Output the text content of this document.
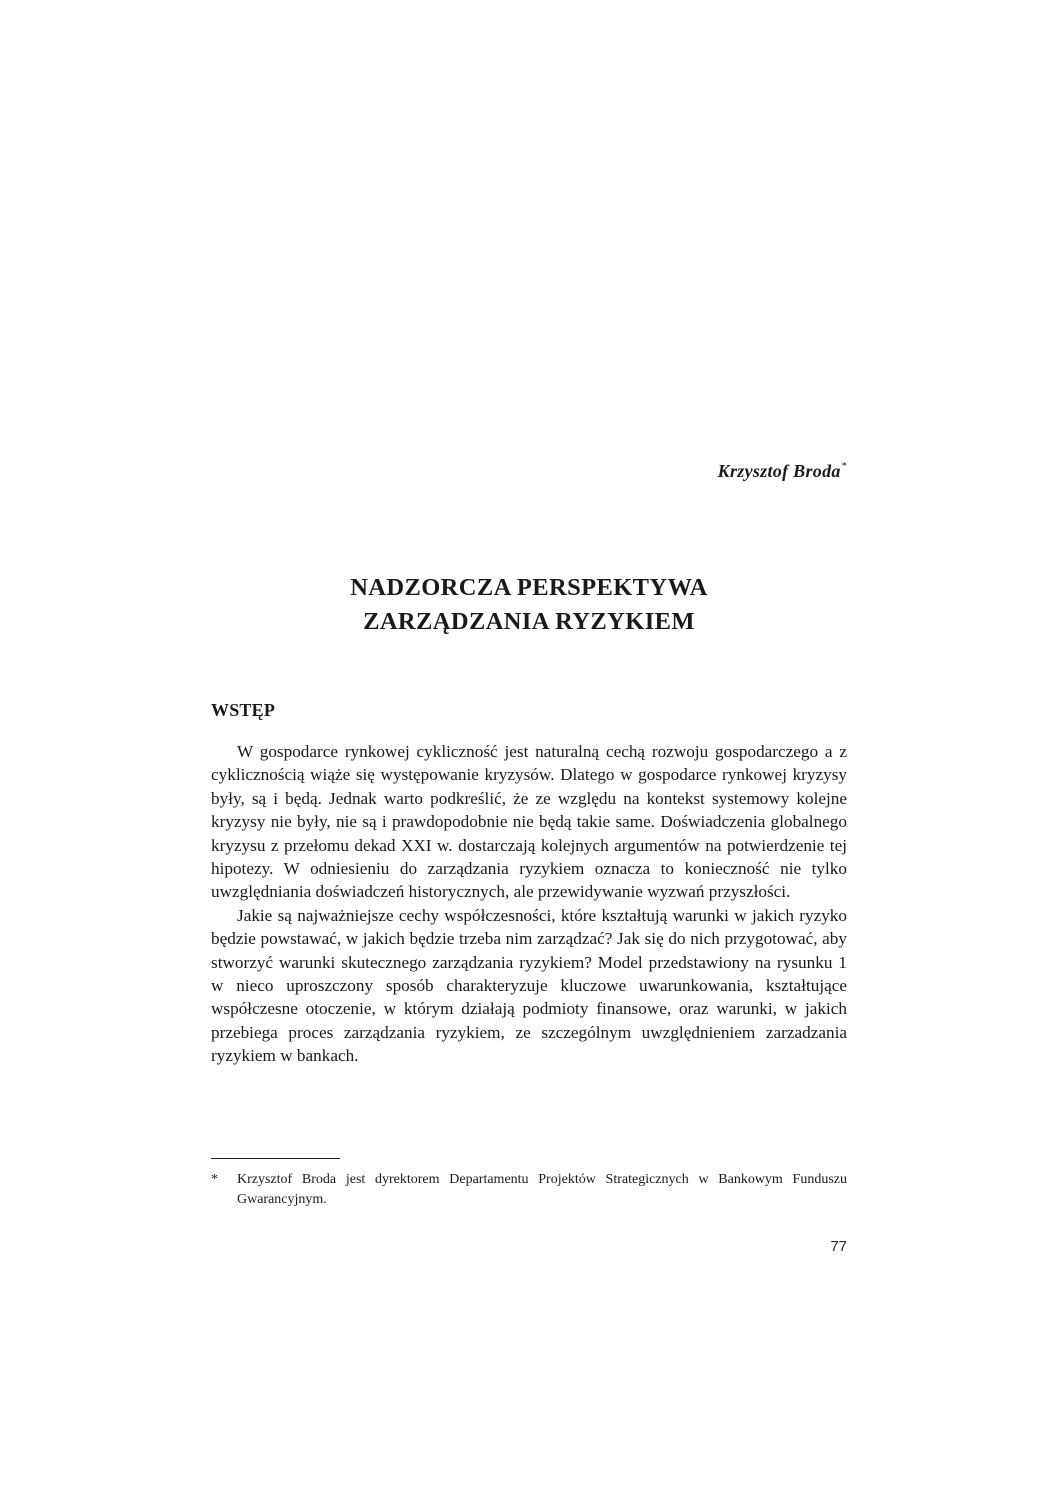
Krzysztof Broda*
NADZORCZA PERSPEKTYWA
ZARZĄDZANIA RYZYKIEM
WSTĘP

W gospodarce rynkowej cykliczność jest naturalną cechą rozwoju gospodarczego a z cyklicznością wiąże się występowanie kryzysów. Dlatego w gospodarce rynkowej kryzysy były, są i będą. Jednak warto podkreślić, że ze względu na kontekst systemowy kolejne kryzysy nie były, nie są i prawdopodobnie nie będą takie same. Doświadczenia globalnego kryzysu z przełomu dekad XXI w. dostarczają kolejnych argumentów na potwierdzenie tej hipotezy. W odniesieniu do zarządzania ryzykiem oznacza to konieczność nie tylko uwzględniania doświadczeń historycznych, ale przewidywanie wyzwań przyszłości.

Jakie są najważniejsze cechy współczesności, które kształtują warunki w jakich ryzyko będzie powstawać, w jakich będzie trzeba nim zarządzać? Jak się do nich przygotować, aby stworzyć warunki skutecznego zarządzania ryzykiem? Model przedstawiony na rysunku 1 w nieco uproszczony sposób charakteryzuje kluczowe uwarunkowania, kształtujące współczesne otoczenie, w którym działają podmioty finansowe, oraz warunki, w jakich przebiega proces zarządzania ryzykiem, ze szczególnym uwzględnieniem zarzadzania ryzykiem w bankach.

*	Krzysztof Broda jest dyrektorem Departamentu Projektów Strategicznych w Bankowym Funduszu Gwarancyjnym.
77
